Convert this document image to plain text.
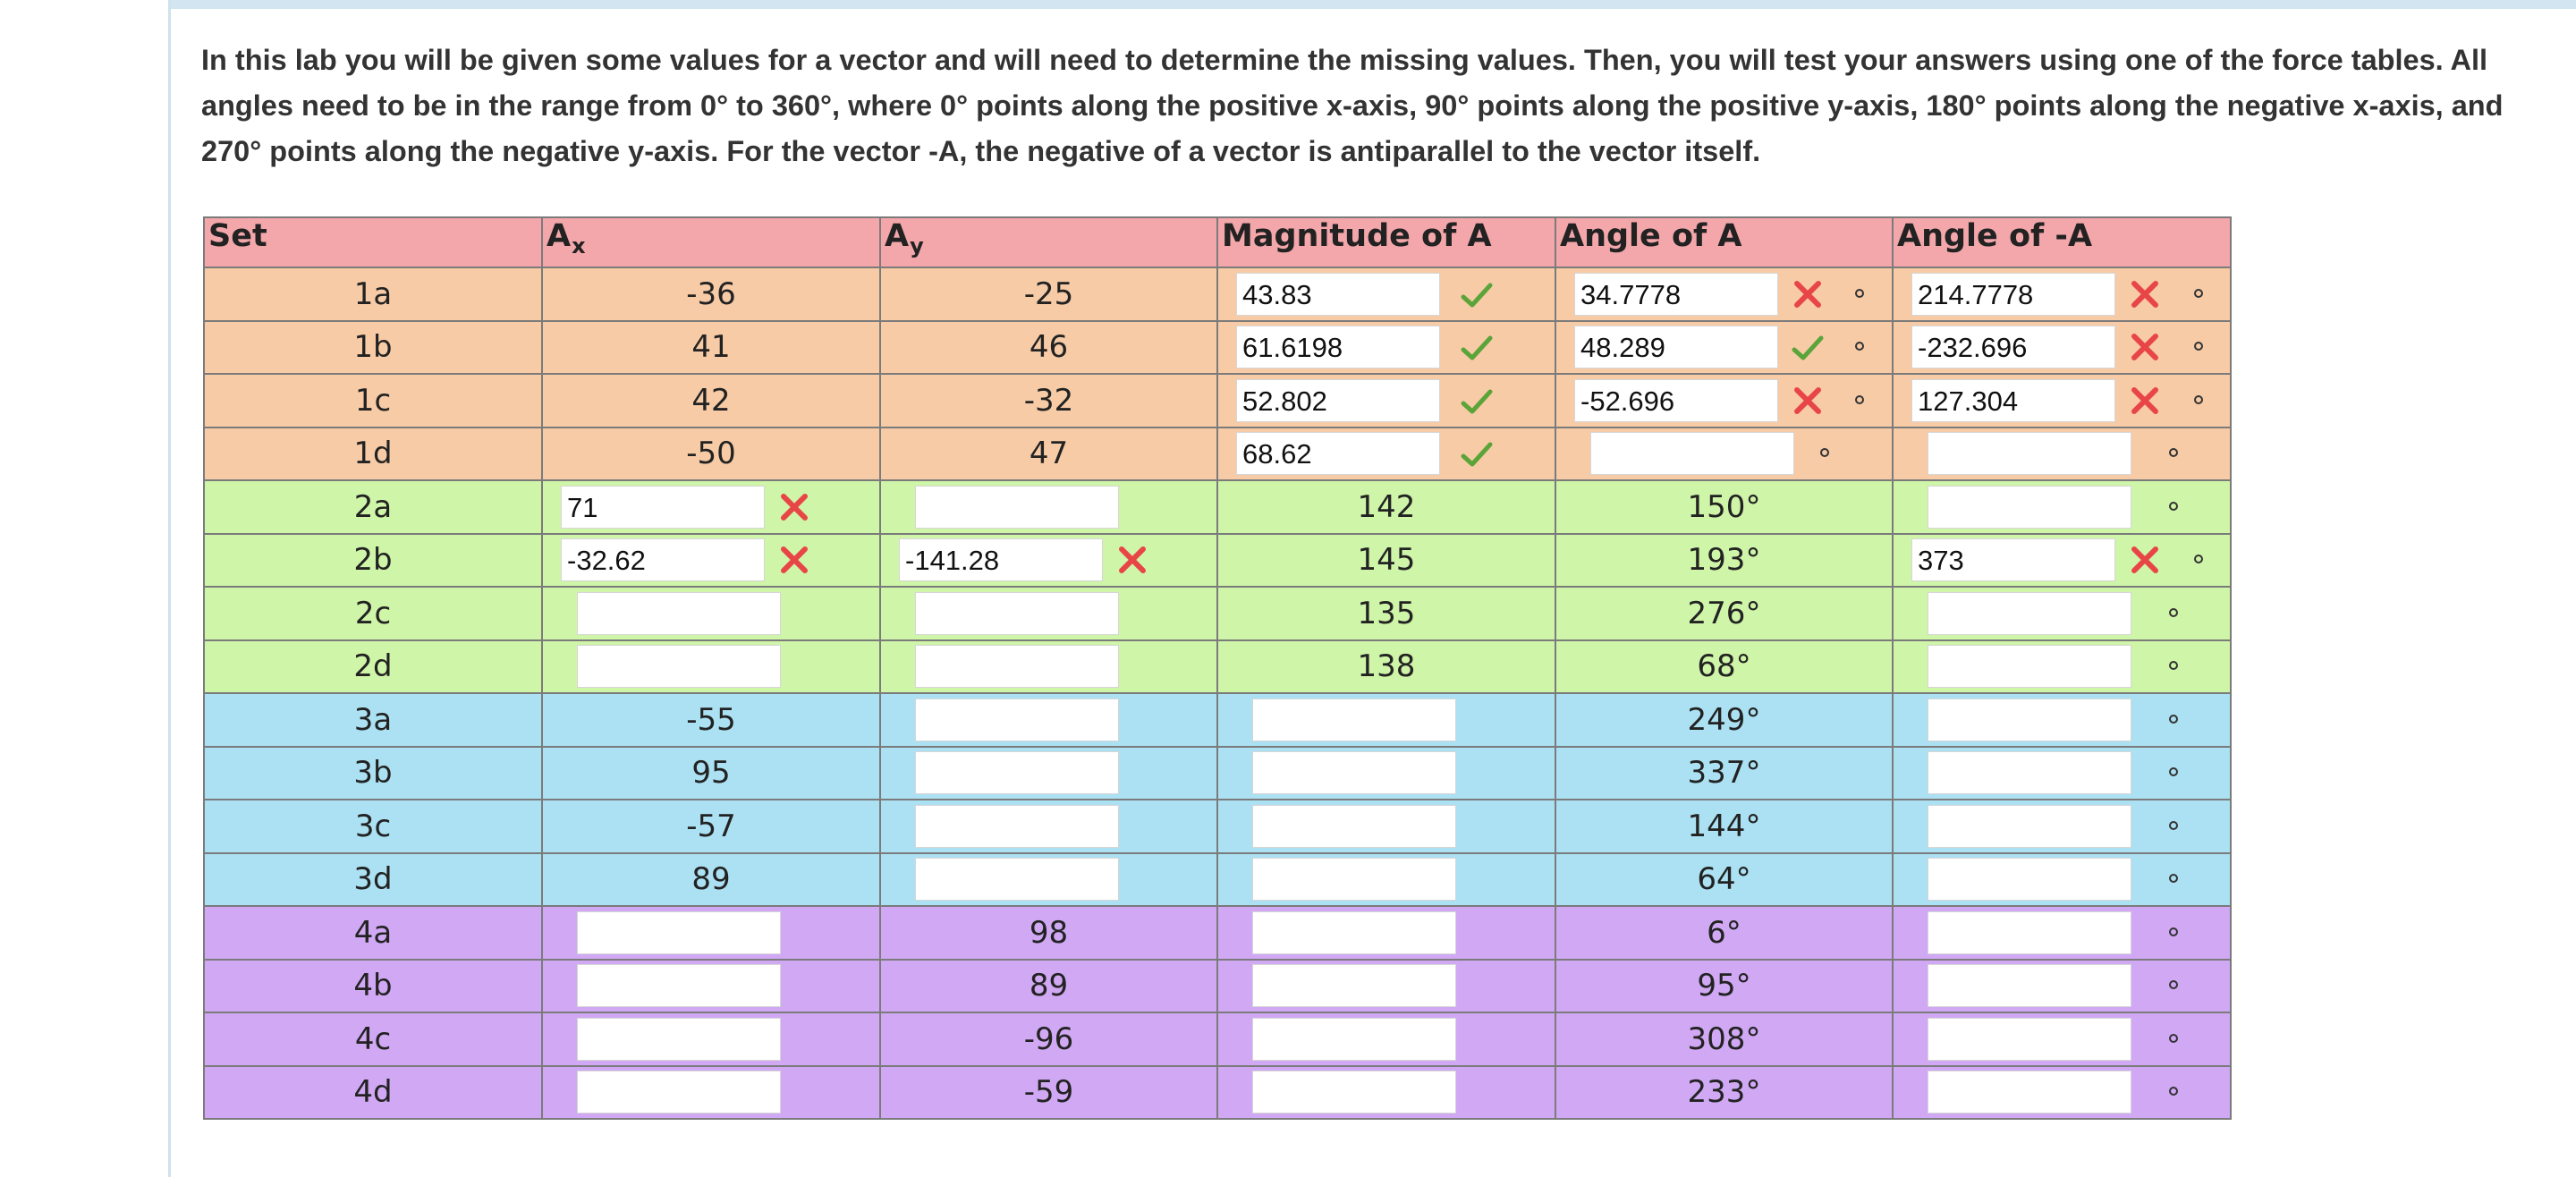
In this lab you will be given some values for a vector and will need to determine the missing values. Then, you will test your answers using one of the force tables. All angles need to be in the range from 0° to 360°, where 0° points along the positive x-axis, 90° points along the positive y-axis, 180° points along the negative x-axis, and 270° points along the negative y-axis. For the vector -A, the negative of a vector is antiparallel to the vector itself.

Set	$A_x$	$A_y$	Magnitude of A	Angle of A	Angle of -A
1a	-36	-25	43.83	34.7778	214.7778

1b	41	46	61.6198	48.289	-232.696

1c	42	-32	52.802	-52.696	127.304

1d	-50	47	68.62		

2a	71		142	150°	

2b	-32.62	-141.28	145	193°	373

2c			135	276°	

2d			138	68°	

3a	-55			249°	

3b	95			337°	

3c	-57			144°	

3d	89			64°	

4a		98		6°	

4b		89		95°	

4c		-96		308°	

4d		-59		233°	
